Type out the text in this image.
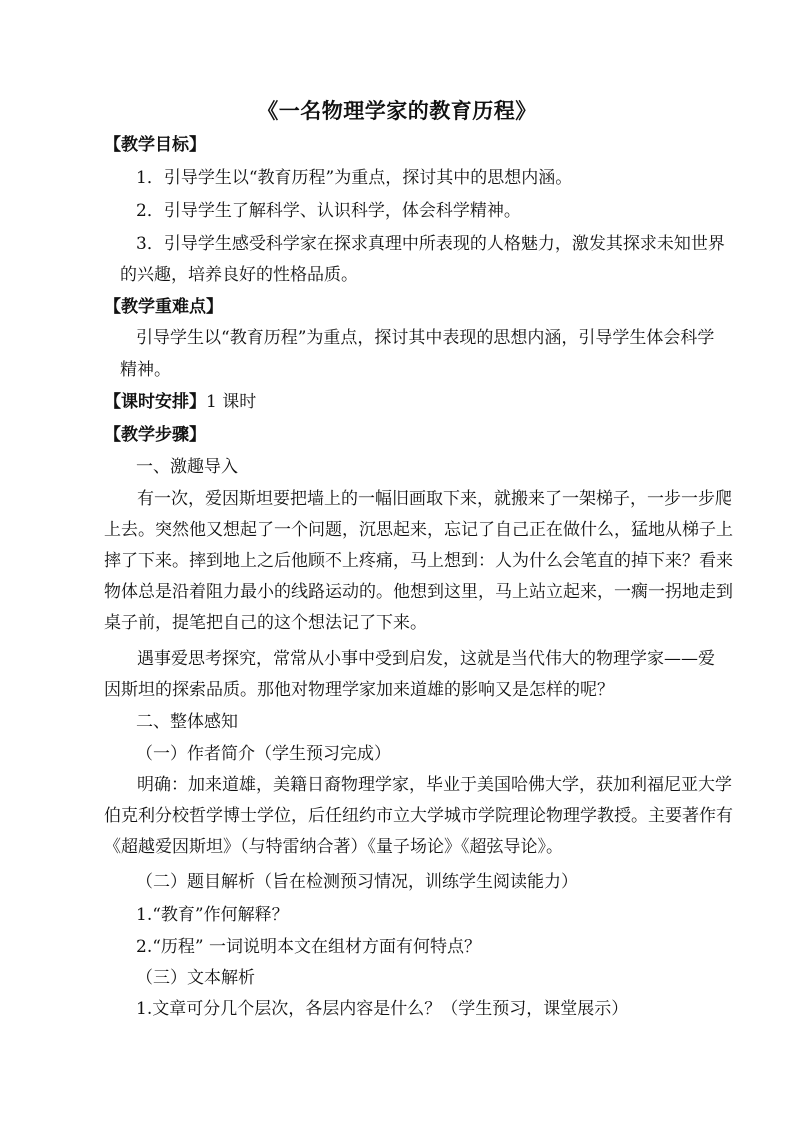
《一名物理学家的教育历程》
【教学目标】
1．引导学生以“教育历程”为重点，探讨其中的思想内涵。
2．引导学生了解科学、认识科学，体会科学精神。
3．引导学生感受科学家在探求真理中所表现的人格魅力，激发其探求未知世界
的兴趣，培养良好的性格品质。
【教学重难点】
引导学生以“教育历程”为重点，探讨其中表现的思想内涵，引导学生体会科学
精神。
【课时安排】1 课时
【教学步骤】
一、激趣导入
有一次，爱因斯坦要把墙上的一幅旧画取下来，就搬来了一架梯子，一步一步爬
上去。突然他又想起了一个问题，沉思起来，忘记了自己正在做什么，猛地从梯子上
摔了下来。摔到地上之后他顾不上疼痛，马上想到：人为什么会笔直的掉下来？看来
物体总是沿着阻力最小的线路运动的。他想到这里，马上站立起来，一瘸一拐地走到
桌子前，提笔把自己的这个想法记了下来。
遇事爱思考探究，常常从小事中受到启发，这就是当代伟大的物理学家——爱
因斯坦的探索品质。那他对物理学家加来道雄的影响又是怎样的呢？
二、整体感知
（一）作者简介（学生预习完成）
明确：加来道雄，美籍日裔物理学家，毕业于美国哈佛大学，获加利福尼亚大学
伯克利分校哲学博士学位，后任纽约市立大学城市学院理论物理学教授。主要著作有
《超越爱因斯坦》（与特雷纳合著）《量子场论》《超弦导论》。
（二）题目解析（旨在检测预习情况，训练学生阅读能力）
1.“教育”作何解释？
2.“历程” 一词说明本文在组材方面有何特点？
（三）文本解析
1.文章可分几个层次，各层内容是什么？（学生预习，课堂展示）
